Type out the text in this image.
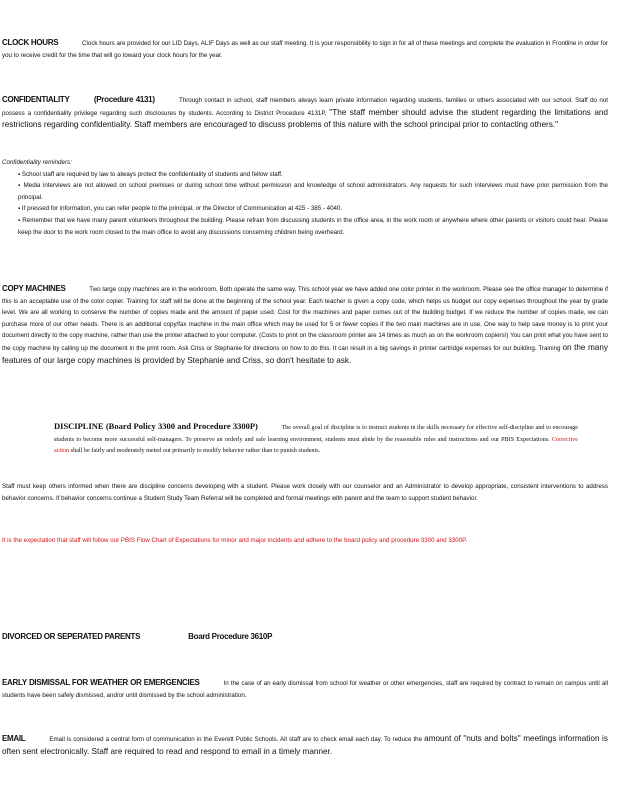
CLOCK HOURS	Clock hours are provided for our LID Days, ALIF Days as well as our staff meeting. It is your responsibility to sign in for all of these meetings and complete the evaluation in Frontline in order for you to receive credit for the time that will go toward your clock hours for the year.
CONFIDENTIALITY	(Procedure 4131)	Through contact in school, staff members always learn private information regarding students, families or others associated with our school. Staff do not possess a confidentiality privilege regarding such disclosures by students. According to District Procedure 4131P, "The staff member should advise the student regarding the limitations and restrictions regarding confidentiality. Staff members are encouraged to discuss problems of this nature with the school principal prior to contacting others."

Confidentiality reminders:

▪ School staff are required by law to always protect the confidentiality of students and fellow staff.

▪ Media interviews are not allowed on school premises or during school time without permission and knowledge of school administrators. Any requests for such interviews must have prior permission from the principal.

▪ If pressed for information, you can refer people to the principal, or the Director of Communication at 425 - 385 - 4040.

▪ Remember that we have many parent volunteers throughout the building. Please refrain from discussing students in the office area, in the work room or anywhere where other parents or visitors could hear. Please keep the door to the work room closed to the main office to avoid any discussions concerning children being overheard.

COPY MACHINES	Two large copy machines are in the workroom. Both operate the same way. This school year we have added one color printer in the workroom. Please see the office manager to determine if this is an acceptable use of the color copier. Training for staff will be done at the beginning of the school year. Each teacher is given a copy code, which helps us budget our copy expenses throughout the year by grade level. We are all working to conserve the number of copies made and the amount of paper used. Cost for the machines and paper comes out of the building budget. If we reduce the number of copies made, we can purchase more of our other needs. There is an additional copy/fax machine in the main office which may be used for 5 or fewer copies if the two main machines are in use. One way to help save money is to print your document directly to the copy machine, rather than use the printer attached to your computer. (Costs to print on the classroom printer are 14 times as much as on the workroom copiers!) You can print what you have sent to the copy machine by calling up the document in the print room. Ask Criss or Stephanie for directions on how to do this. It can result in a big savings in printer cartridge expenses for our building. Training on the many features of our large copy machines is provided by Stephanie and Criss, so don't hesitate to ask.
DISCIPLINE (Board Policy 3300 and Procedure 3300P)	The overall goal of discipline is to instruct students in the skills necessary for effective self-discipline and to encourage students to become more successful self-managers. To preserve an orderly and safe learning environment, students must abide by the reasonable rules and instructions and our PBIS Expectations. Corrective action shall be fairly and moderately meted out primarily to modify behavior rather than to punish students.
Staff must keep others informed when there are discipline concerns developing with a student. Please work closely with our counselor and an Administrator to develop appropriate, consistent interventions to address behavior concerns. If behavior concerns continue a Student Study Team Referral will be completed and formal meetings with parent and the team to support student behavior.
It is the expectation that staff will follow our PBIS Flow Chart of Expectations for minor and major incidents and adhere to the board policy and procedure 3300 and 3300P.
DIVORCED OR SEPERATED PARENTS	Board Procedure 3610P
EARLY DISMISSAL FOR WEATHER OR EMERGENCIES	In the case of an early dismissal from school for weather or other emergencies, staff are required by contract to remain on campus until all students have been safely dismissed, and/or until dismissed by the school administration.
EMAIL	Email is considered a central form of communication in the Everett Public Schools. All staff are to check email each day. To reduce the amount of "nuts and bolts" meetings information is often sent electronically. Staff are required to read and respond to email in a timely manner.
